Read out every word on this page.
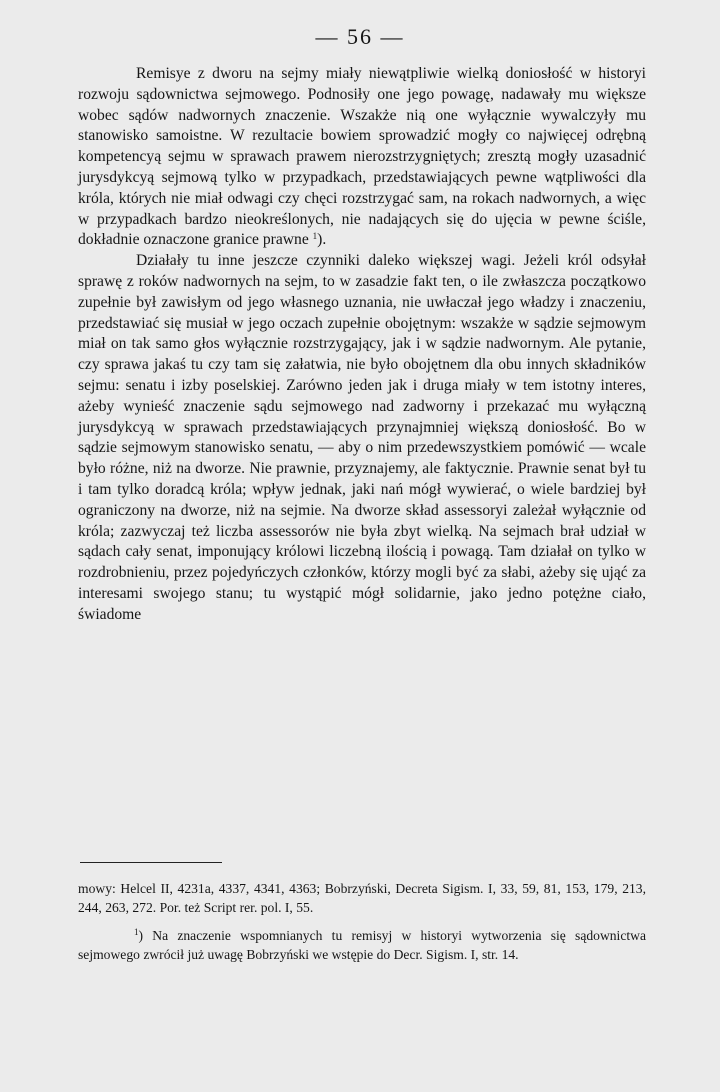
— 56 —

Remisye z dworu na sejmy miały niewątpliwie wielką doniosłość w historyi rozwoju sądownictwa sejmowego. Podnosiły one jego powagę, nadawały mu większe wobec sądów nadwornych znaczenie. Wszakże nią one wyłącznie wywalczyły mu stanowisko samoistne. W rezultacie bowiem sprowadzić mogły co najwięcej odrębną kompetencyą sejmu w sprawach prawem nierozstrzygniętych; zresztą mogły uzasadnić jurysdykcyą sejmową tylko w przypadkach, przedstawiających pewne wątpliwości dla króla, których nie miał odwagi czy chęci rozstrzygać sam, na rokach nadwornych, a więc w przypadkach bardzo nieokreślonych, nie nadających się do ujęcia w pewne ściśle, dokładnie oznaczone granice prawne $^1$).

Działały tu inne jeszcze czynniki daleko większej wagi. Jeżeli król odsyłał sprawę z roków nadwornych na sejm, to w zasadzie fakt ten, o ile zwłaszcza początkowo zupełnie był zawisłym od jego własnego uznania, nie uwłaczał jego władzy i znaczeniu, przedstawiać się musiał w jego oczach zupełnie obojętnym: wszakże w sądzie sejmowym miał on tak samo głos wyłącznie rozstrzygający, jak i w sądzie nadwornym. Ale pytanie, czy sprawa jakaś tu czy tam się załatwia, nie było obojętnem dla obu innych składników sejmu: senatu i izby poselskiej. Zarówno jeden jak i druga miały w tem istotny interes, ażeby wynieść znaczenie sądu sejmowego nad zadworny i przekazać mu wyłączną jurysdykcyą w sprawach przedstawiających przynajmniej większą doniosłość. Bo w sądzie sejmowym stanowisko senatu, — aby o nim przedewszystkiem pomówić — wcale było różne, niż na dworze. Nie prawnie, przyznajemy, ale faktycznie. Prawnie senat był tu i tam tylko doradcą króla; wpływ jednak, jaki nań mógł wywierać, o wiele bardziej był ograniczony na dworze, niż na sejmie. Na dworze skład assessoryi zależał wyłącznie od króla; zazwyczaj też liczba assessorów nie była zbyt wielką. Na sejmach brał udział w sądach cały senat, imponujący królowi liczebną ilością i powagą. Tam działał on tylko w rozdrobnieniu, przez pojedyńczych członków, którzy mogli być za słabi, ażeby się ująć za interesami swojego stanu; tu wystąpić mógł solidarnie, jako jedno potężne ciało, świadome

mowy: Helcel II, 4231a, 4337, 4341, 4363; Bobrzyński, Decreta Sigism. I, 33, 59, 81, 153, 179, 213, 244, 263, 272. Por. też Script rer. pol. I, 55.

$^1$) Na znaczenie wspomnianych tu remisyj w historyi wytworzenia się sądownictwa sejmowego zwrócił już uwagę Bobrzyński we wstępie do Decr. Sigism. I, str. 14.
